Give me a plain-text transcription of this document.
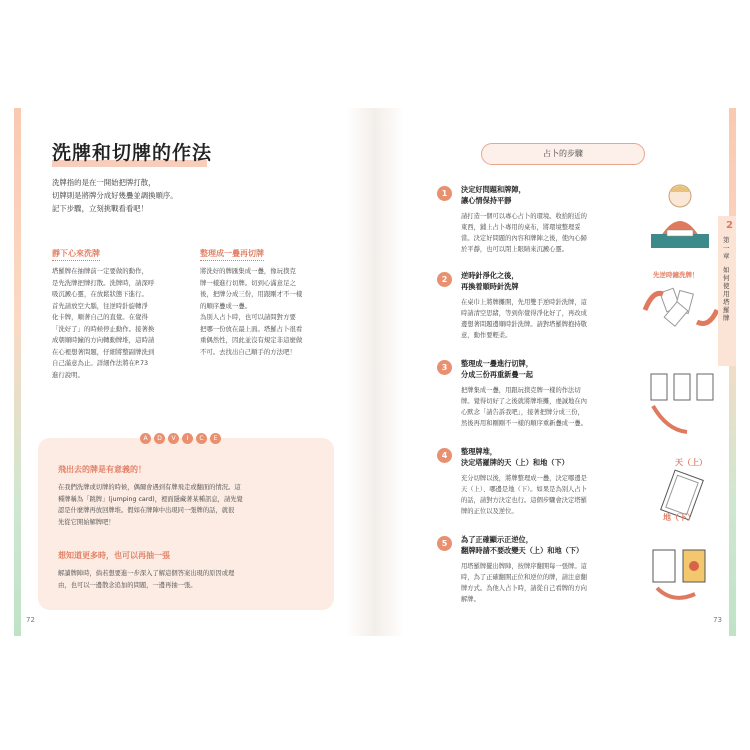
洗牌和切牌的作法
洗牌指的是在一開始把牌打散，
切牌則是將牌分成好幾疊並調換順序。
記下步驟，立刻挑戰看看吧！
靜下心來洗牌
塔羅牌在抽牌前一定要做的動作，
是先洗牌把牌打散。洗牌時，請深呼
吸沉澱心靈，在放鬆狀態下進行。
首先請放空大腦，往逆時針旋轉淨
化卡牌，順著自己的直覺。在覺得
「洗好了」的時候停止動作。接著換
成朝順時鐘的方向轉動牌堆，這時請
在心裡想著問題，仔細將整副牌洗到
自己滿意為止。詳細作法將在P.73
進行說明。
整理成一疊再切牌
將洗好的牌匯集成一疊，像玩撲克
牌一樣進行切牌。切到心滿意足之
後，把牌分成三份，用跟剛才不一樣
的順序疊成一疊。
為別人占卜時，也可以請問對方要
把哪一份放在最上面。塔羅占卜很看
重偶然性，因此並沒有規定非這麼做
不可。去找出自己順手的方法吧！
A	D	V	I	C	E
飛出去的牌是有意義的！
在我們洗牌或切牌的時候，偶爾會遇到有牌飛走或翻面的情況。這
種牌稱為「跳牌」(jumping card)，裡面隱藏著某種訊息，請先覺
認是什麼牌再放回牌堆。假如在牌陣中出現同一張牌的話，就很
先從它開始解牌吧！
想知道更多時，也可以再抽一張
解讀牌陣時，倘若想要進一步深入了解這個答案出現的原因或理
由，也可以一邊散念追加的問題，一邊再抽一張。
72
占卜的步驟
1	決定好問題和牌陣，
讓心情保持平靜
請打造一個可以專心占卜的環境。收拾附近的
東西，鋪上占卜專用的桌布，將環境整理妥
當。決定好問題的內容和牌陣之後，使內心歸
於平靜，也可以閉上眼睛來沉澱心靈。
2	逆時針淨化之後，
再換着順時針洗牌
在桌巾上將牌攤開，先用雙手逆時針洗牌，這
時請清空思緒，等到你覺得淨化好了，再改成
邊想著問題邊順時針洗牌。請對塔羅牌抱持敬
意，動作要輕柔。
3	整理成一疊進行切牌，
分成三份再重新疊一起
把牌集成一疊，用跟玩撲克牌一樣的作法切
牌。覺得切好了之後就將牌堆攤，虔誠地在內
心默念「請告訴我吧」，接著把牌分成三份，
然後再用和剛剛不一樣的順序重新疊成一疊。
4	整理牌堆，
決定塔羅牌的天（上）和地（下）
充分切牌以後，將牌整理成一疊，決定哪邊是
天（上）、哪邊是地（下）。如果是為別人占卜
的話，請對方決定也行。這個步驟會決定塔羅
牌的正位以及逆位。
5	為了正確顯示正逆位，
翻牌時請不要改變天（上）和地（下）
用塔羅牌擺出牌陣，按牌序翻開每一張牌。這
時，為了正確翻開正位和逆位的牌，請注意翻
牌方式。為他人占卜時，請從自己看牌的方向
解牌。
先逆時鐘洗牌！
天（上）
地（下）
2
第一章
如何使用塔羅牌
73
